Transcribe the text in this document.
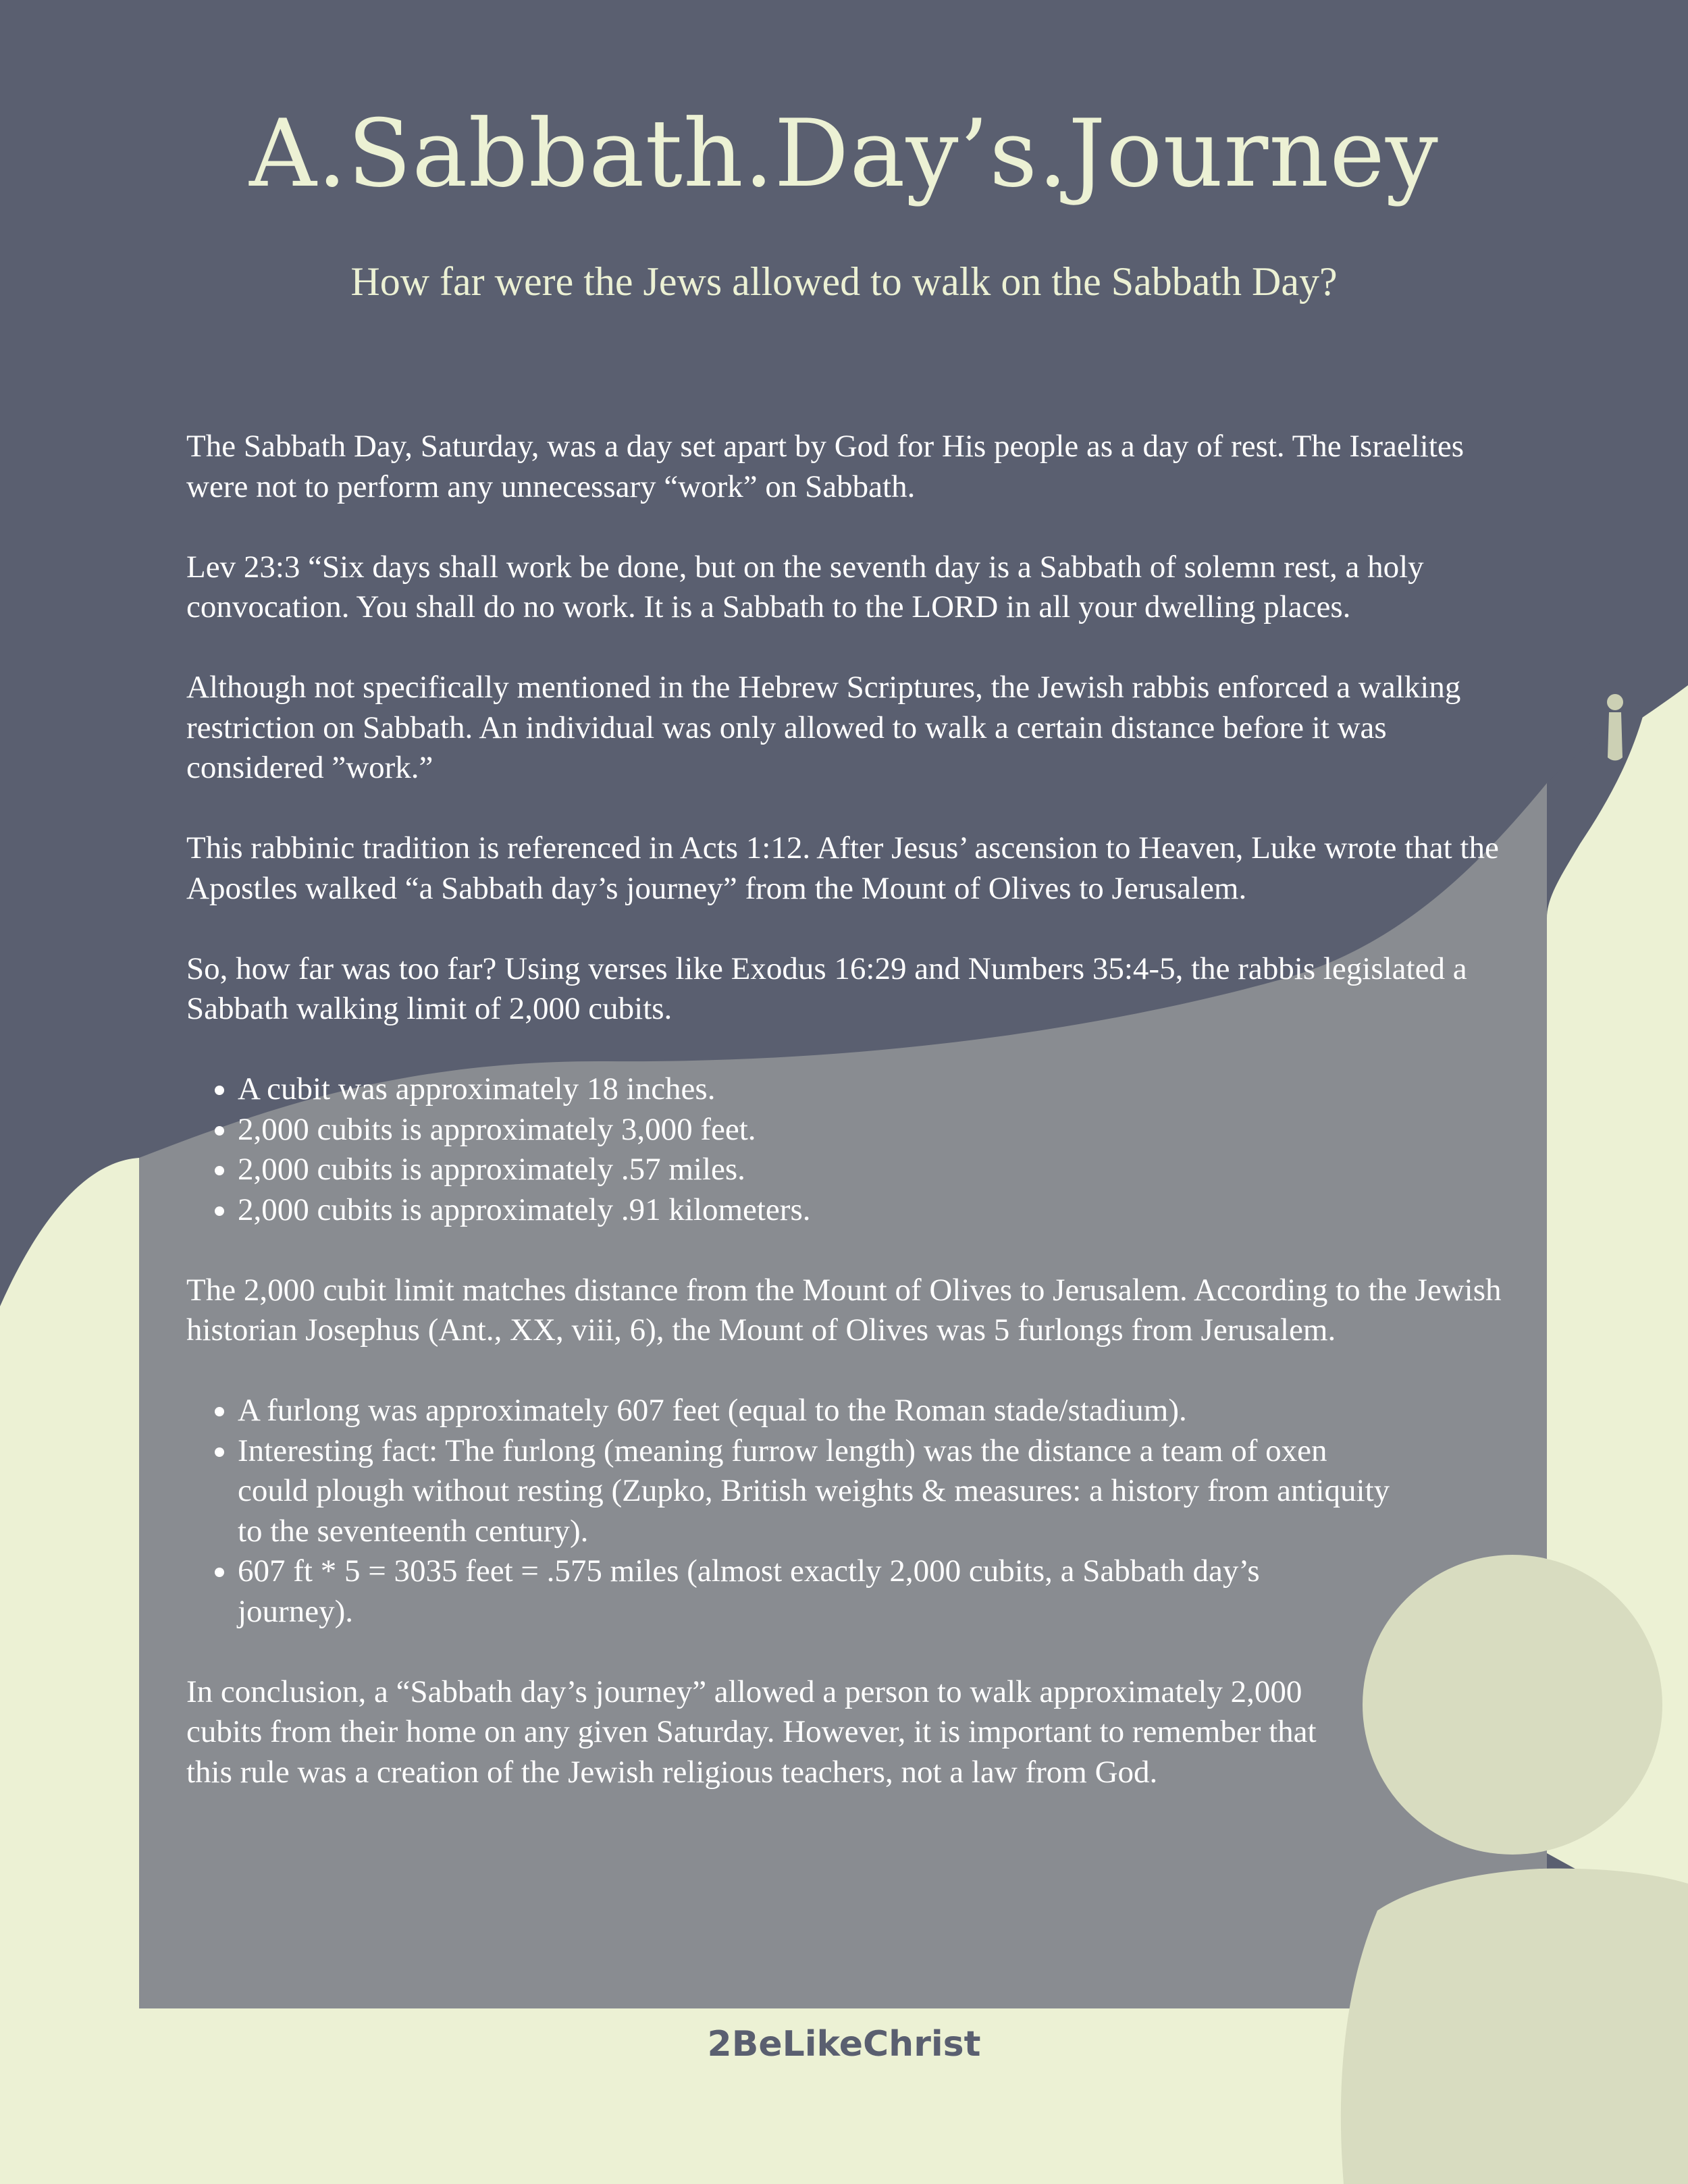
A.Sabbath.Day’s.Journey
How far were the Jews allowed to walk on the Sabbath Day?

The Sabbath Day, Saturday, was a day set apart by God for His people as a day of rest. The Israelites were not to perform any unnecessary “work” on Sabbath.

Lev 23:3 “Six days shall work be done, but on the seventh day is a Sabbath of solemn rest, a holy convocation. You shall do no work. It is a Sabbath to the LORD in all your dwelling places.

Although not specifically mentioned in the Hebrew Scriptures, the Jewish rabbis enforced a walking restriction on Sabbath. An individual was only allowed to walk a certain distance before it was considered ”work.”

This rabbinic tradition is referenced in Acts 1:12. After Jesus’ ascension to Heaven, Luke wrote that the Apostles walked “a Sabbath day’s journey” from the Mount of Olives to Jerusalem.

So, how far was too far? Using verses like Exodus 16:29 and Numbers 35:4-5, the rabbis legislated a Sabbath walking limit of 2,000 cubits.

• A cubit was approximately 18 inches.
• 2,000 cubits is approximately 3,000 feet.
• 2,000 cubits is approximately .57 miles.
• 2,000 cubits is approximately .91 kilometers.

The 2,000 cubit limit matches distance from the Mount of Olives to Jerusalem. According to the Jewish historian Josephus (Ant., XX, viii, 6), the Mount of Olives was 5 furlongs from Jerusalem.

• A furlong was approximately 607 feet (equal to the Roman stade/stadium).
• Interesting fact: The furlong (meaning furrow length) was the distance a team of oxen could plough without resting (Zupko, British weights & measures: a history from antiquity to the seventeenth century).
• 607 ft * 5 = 3035 feet = .575 miles (almost exactly 2,000 cubits, a Sabbath day’s journey).

In conclusion, a “Sabbath day’s journey” allowed a person to walk approximately 2,000 cubits from their home on any given Saturday. However, it is important to remember that this rule was a creation of the Jewish religious teachers, not a law from God.

2BeLikeChrist
